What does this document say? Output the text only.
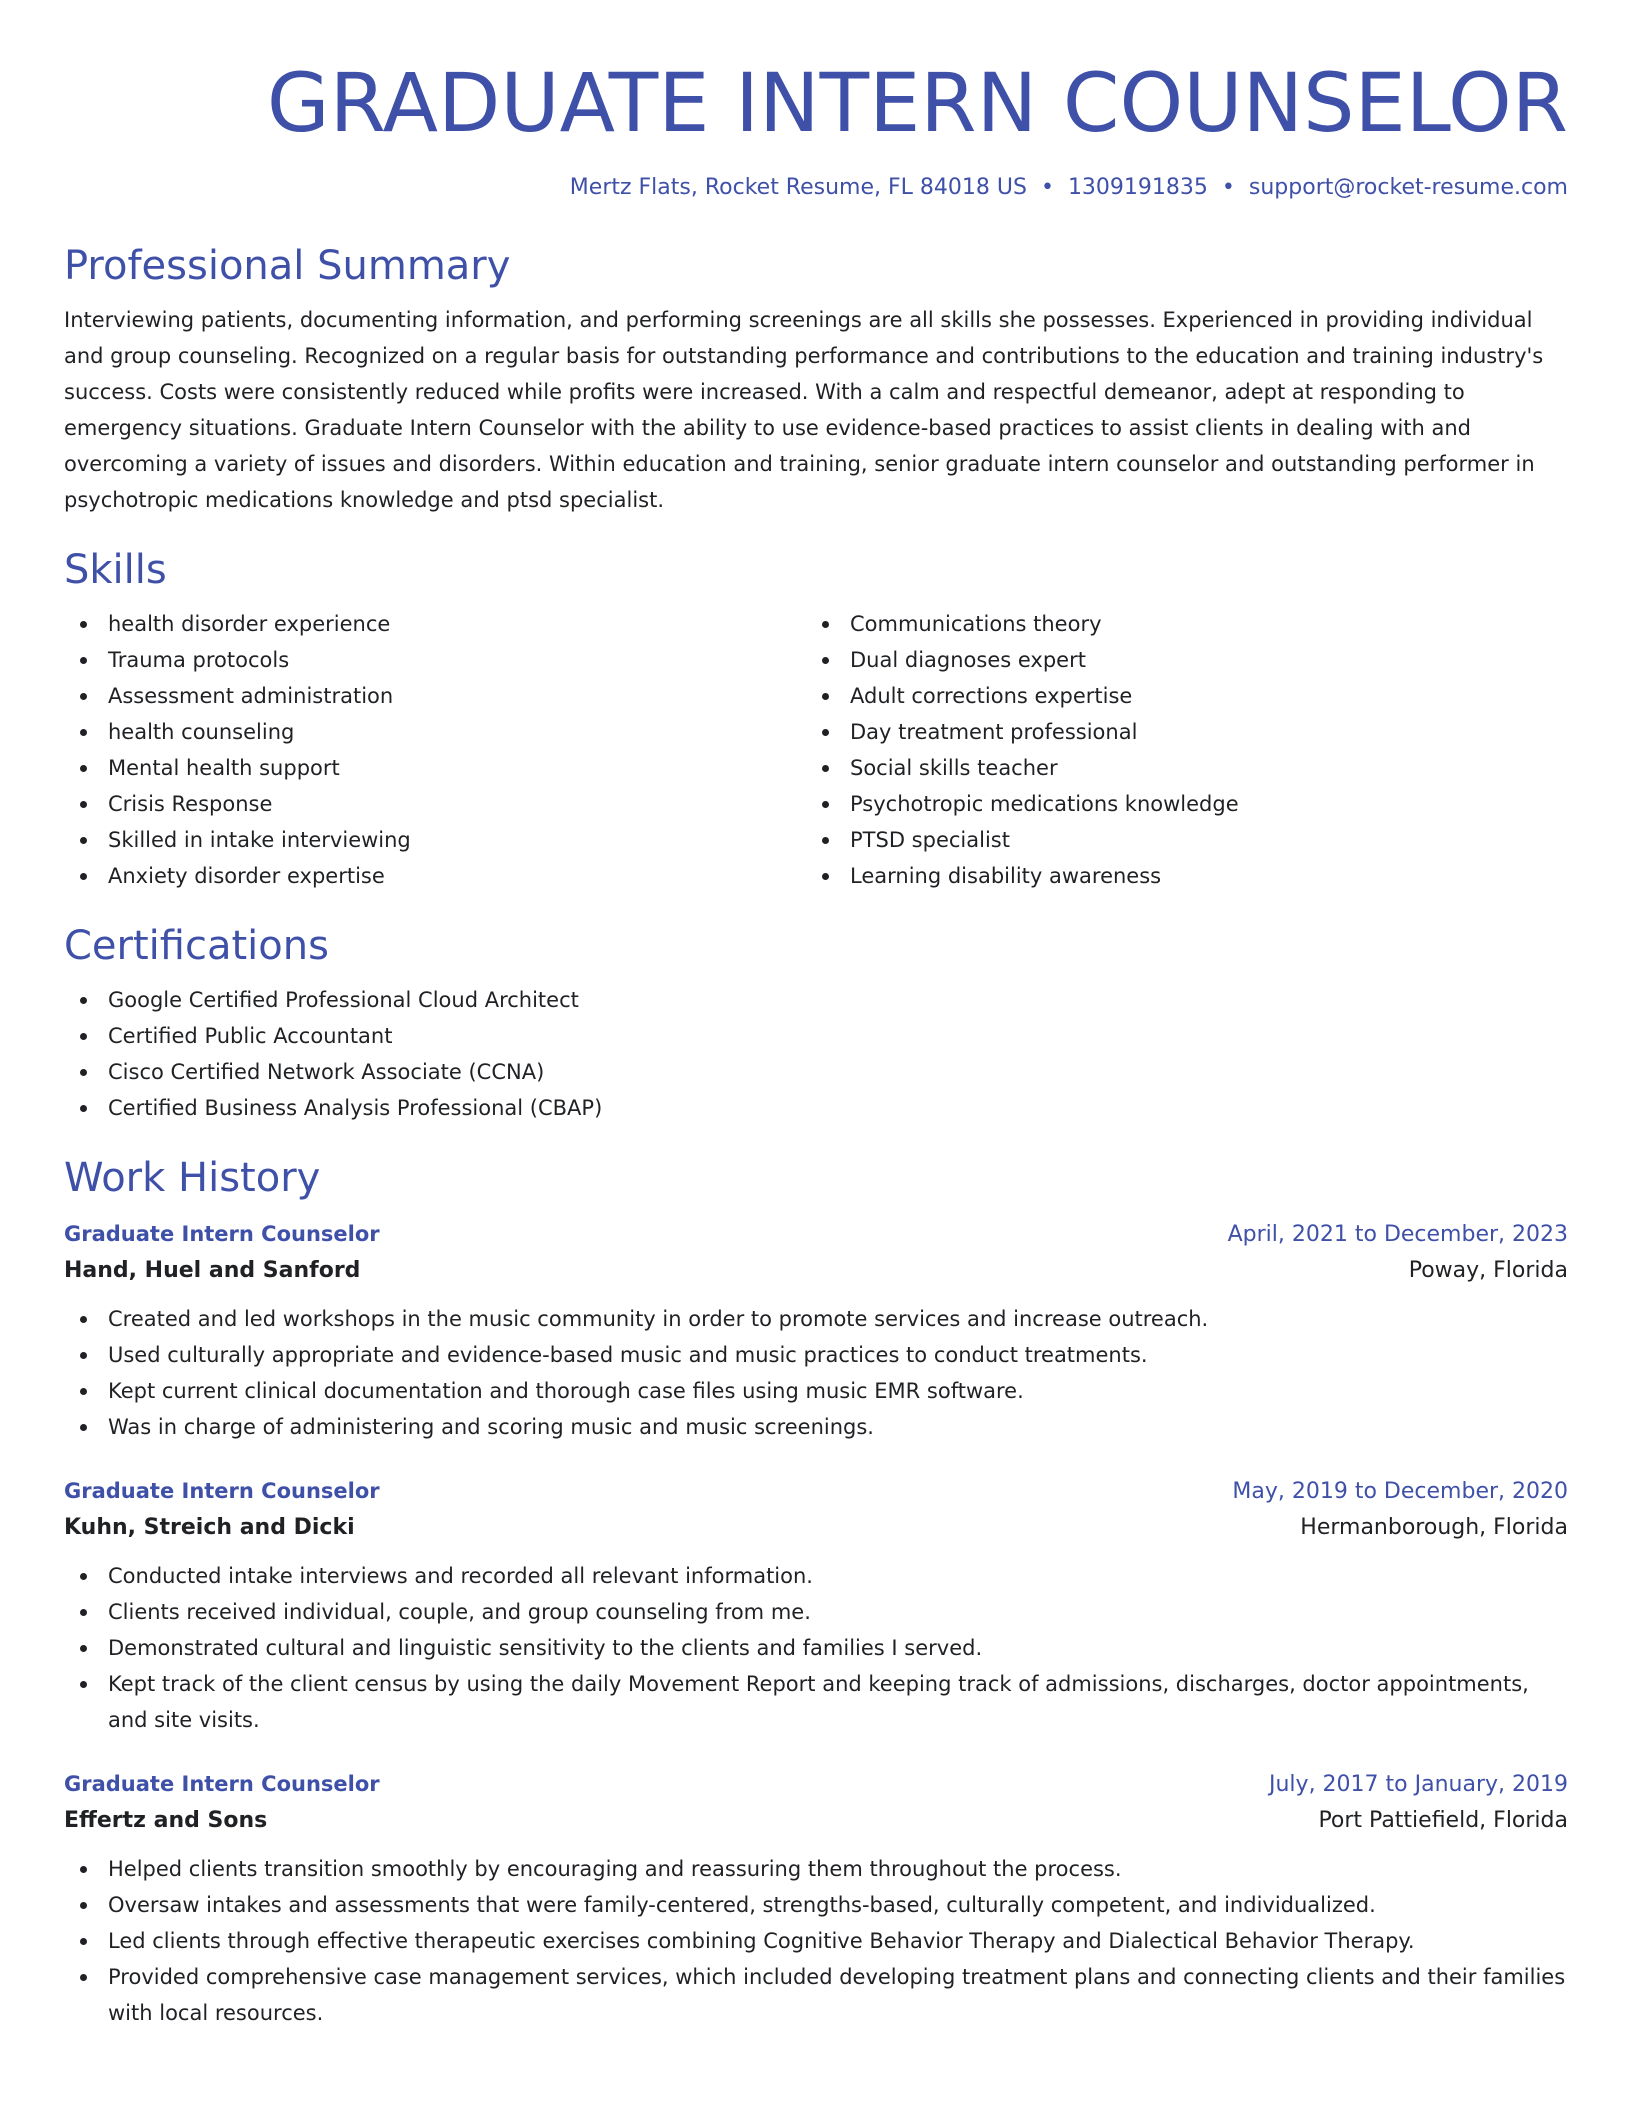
GRADUATE INTERN COUNSELOR
Mertz Flats, Rocket Resume, FL 84018 US • 1309191835 • support@rocket-resume.com
Professional Summary

Interviewing patients, documenting information, and performing screenings are all skills she possesses. Experienced in providing individual and group counseling. Recognized on a regular basis for outstanding performance and contributions to the education and training industry's success. Costs were consistently reduced while profits were increased. With a calm and respectful demeanor, adept at responding to emergency situations. Graduate Intern Counselor with the ability to use evidence-based practices to assist clients in dealing with and overcoming a variety of issues and disorders. Within education and training, senior graduate intern counselor and outstanding performer in psychotropic medications knowledge and ptsd specialist.

Skills
health disorder experience
Trauma protocols
Assessment administration
health counseling
Mental health support
Crisis Response
Skilled in intake interviewing
Anxiety disorder expertise
Communications theory
Dual diagnoses expert
Adult corrections expertise
Day treatment professional
Social skills teacher
Psychotropic medications knowledge
PTSD specialist
Learning disability awareness
Certifications
Google Certified Professional Cloud Architect
Certified Public Accountant
Cisco Certified Network Associate (CCNA)
Certified Business Analysis Professional (CBAP)
Work History
Graduate Intern Counselor	April, 2021 to December, 2023
Hand, Huel and Sanford	Poway, Florida
Created and led workshops in the music community in order to promote services and increase outreach.
Used culturally appropriate and evidence-based music and music practices to conduct treatments.
Kept current clinical documentation and thorough case files using music EMR software.
Was in charge of administering and scoring music and music screenings.
Graduate Intern Counselor	May, 2019 to December, 2020
Kuhn, Streich and Dicki	Hermanborough, Florida
Conducted intake interviews and recorded all relevant information.
Clients received individual, couple, and group counseling from me.
Demonstrated cultural and linguistic sensitivity to the clients and families I served.
Kept track of the client census by using the daily Movement Report and keeping track of admissions, discharges, doctor appointments, and site visits.
Graduate Intern Counselor	July, 2017 to January, 2019
Effertz and Sons	Port Pattiefield, Florida
Helped clients transition smoothly by encouraging and reassuring them throughout the process.
Oversaw intakes and assessments that were family-centered, strengths-based, culturally competent, and individualized.
Led clients through effective therapeutic exercises combining Cognitive Behavior Therapy and Dialectical Behavior Therapy.
Provided comprehensive case management services, which included developing treatment plans and connecting clients and their families with local resources.
